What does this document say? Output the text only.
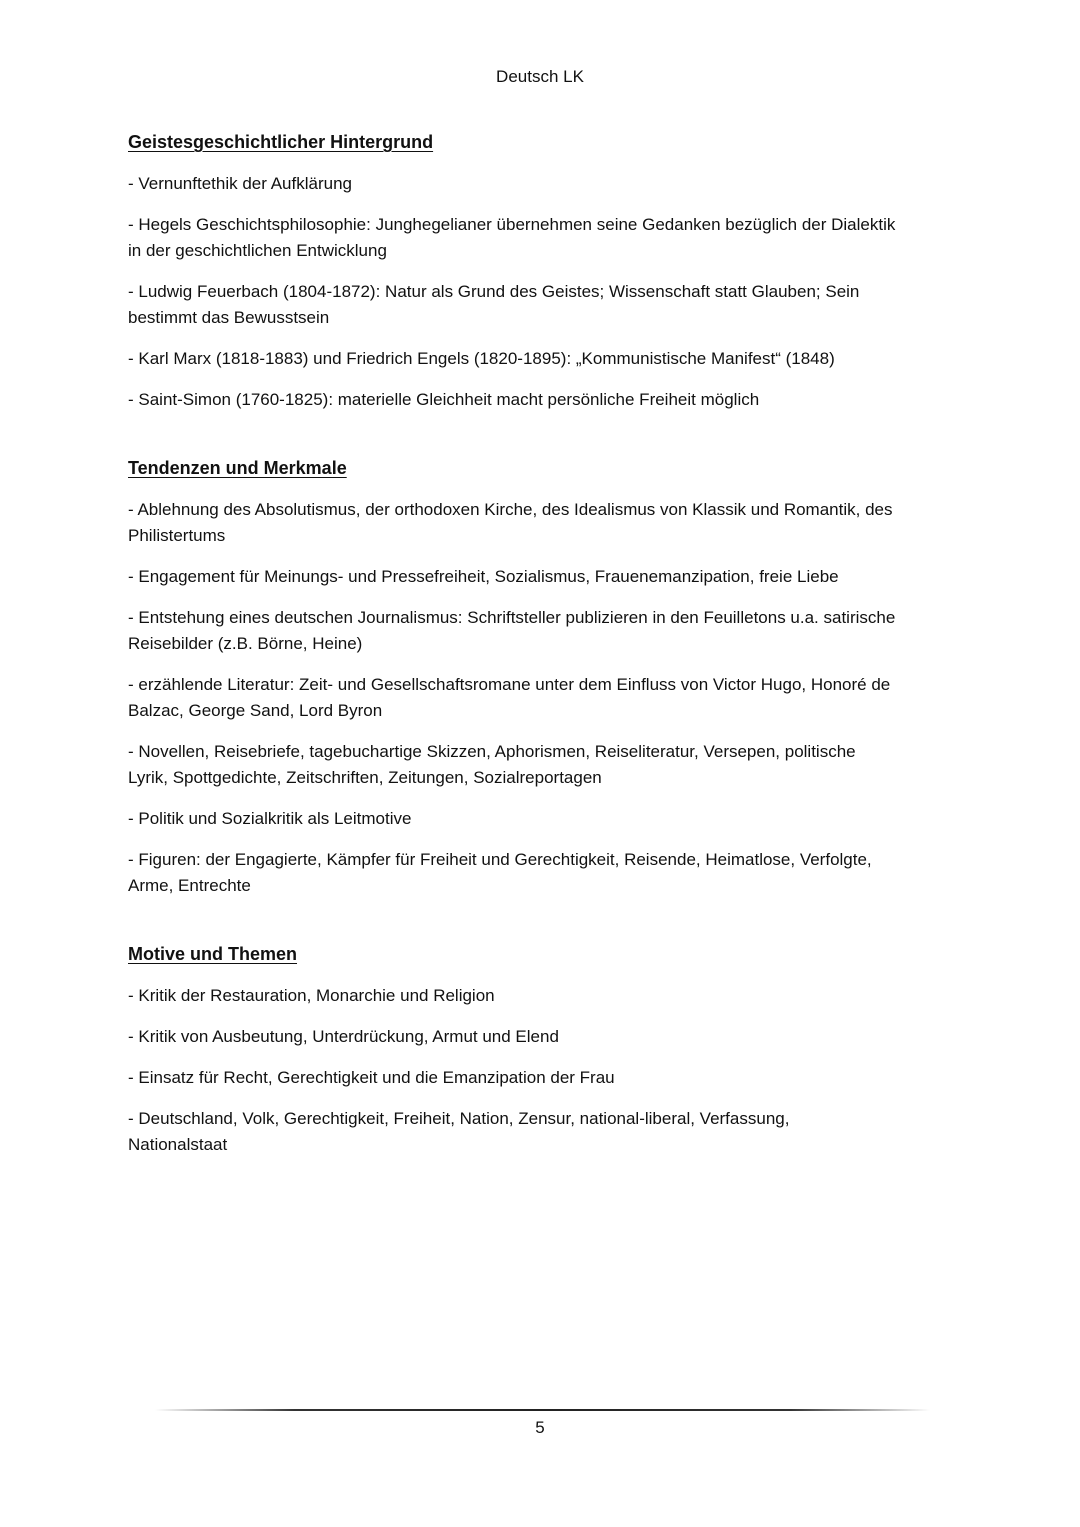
Deutsch LK
Geistesgeschichtlicher Hintergrund
- Vernunftethik der Aufklärung
- Hegels Geschichtsphilosophie: Junghegelianer übernehmen seine Gedanken bezüglich der Dialektik
in der geschichtlichen Entwicklung
- Ludwig Feuerbach (1804-1872): Natur als Grund des Geistes; Wissenschaft statt Glauben; Sein
bestimmt das Bewusstsein
- Karl Marx (1818-1883) und Friedrich Engels (1820-1895): „Kommunistische Manifest“ (1848)
- Saint-Simon (1760-1825): materielle Gleichheit macht persönliche Freiheit möglich
Tendenzen und Merkmale
- Ablehnung des Absolutismus, der orthodoxen Kirche, des Idealismus von Klassik und Romantik, des
Philistertums
- Engagement für Meinungs- und Pressefreiheit, Sozialismus, Frauenemanzipation, freie Liebe
- Entstehung eines deutschen Journalismus: Schriftsteller publizieren in den Feuilletons u.a. satirische
Reisebilder (z.B. Börne, Heine)
- erzählende Literatur: Zeit- und Gesellschaftsromane unter dem Einfluss von Victor Hugo, Honoré de
Balzac, George Sand, Lord Byron
- Novellen, Reisebriefe, tagebuchartige Skizzen, Aphorismen, Reiseliteratur, Versepen, politische
Lyrik, Spottgedichte, Zeitschriften, Zeitungen, Sozialreportagen
- Politik und Sozialkritik als Leitmotive
- Figuren: der Engagierte, Kämpfer für Freiheit und Gerechtigkeit, Reisende, Heimatlose, Verfolgte,
Arme, Entrechte
Motive und Themen
- Kritik der Restauration, Monarchie und Religion
- Kritik von Ausbeutung, Unterdrückung, Armut und Elend
- Einsatz für Recht, Gerechtigkeit und die Emanzipation der Frau
- Deutschland, Volk, Gerechtigkeit, Freiheit, Nation, Zensur, national-liberal, Verfassung,
Nationalstaat
5
